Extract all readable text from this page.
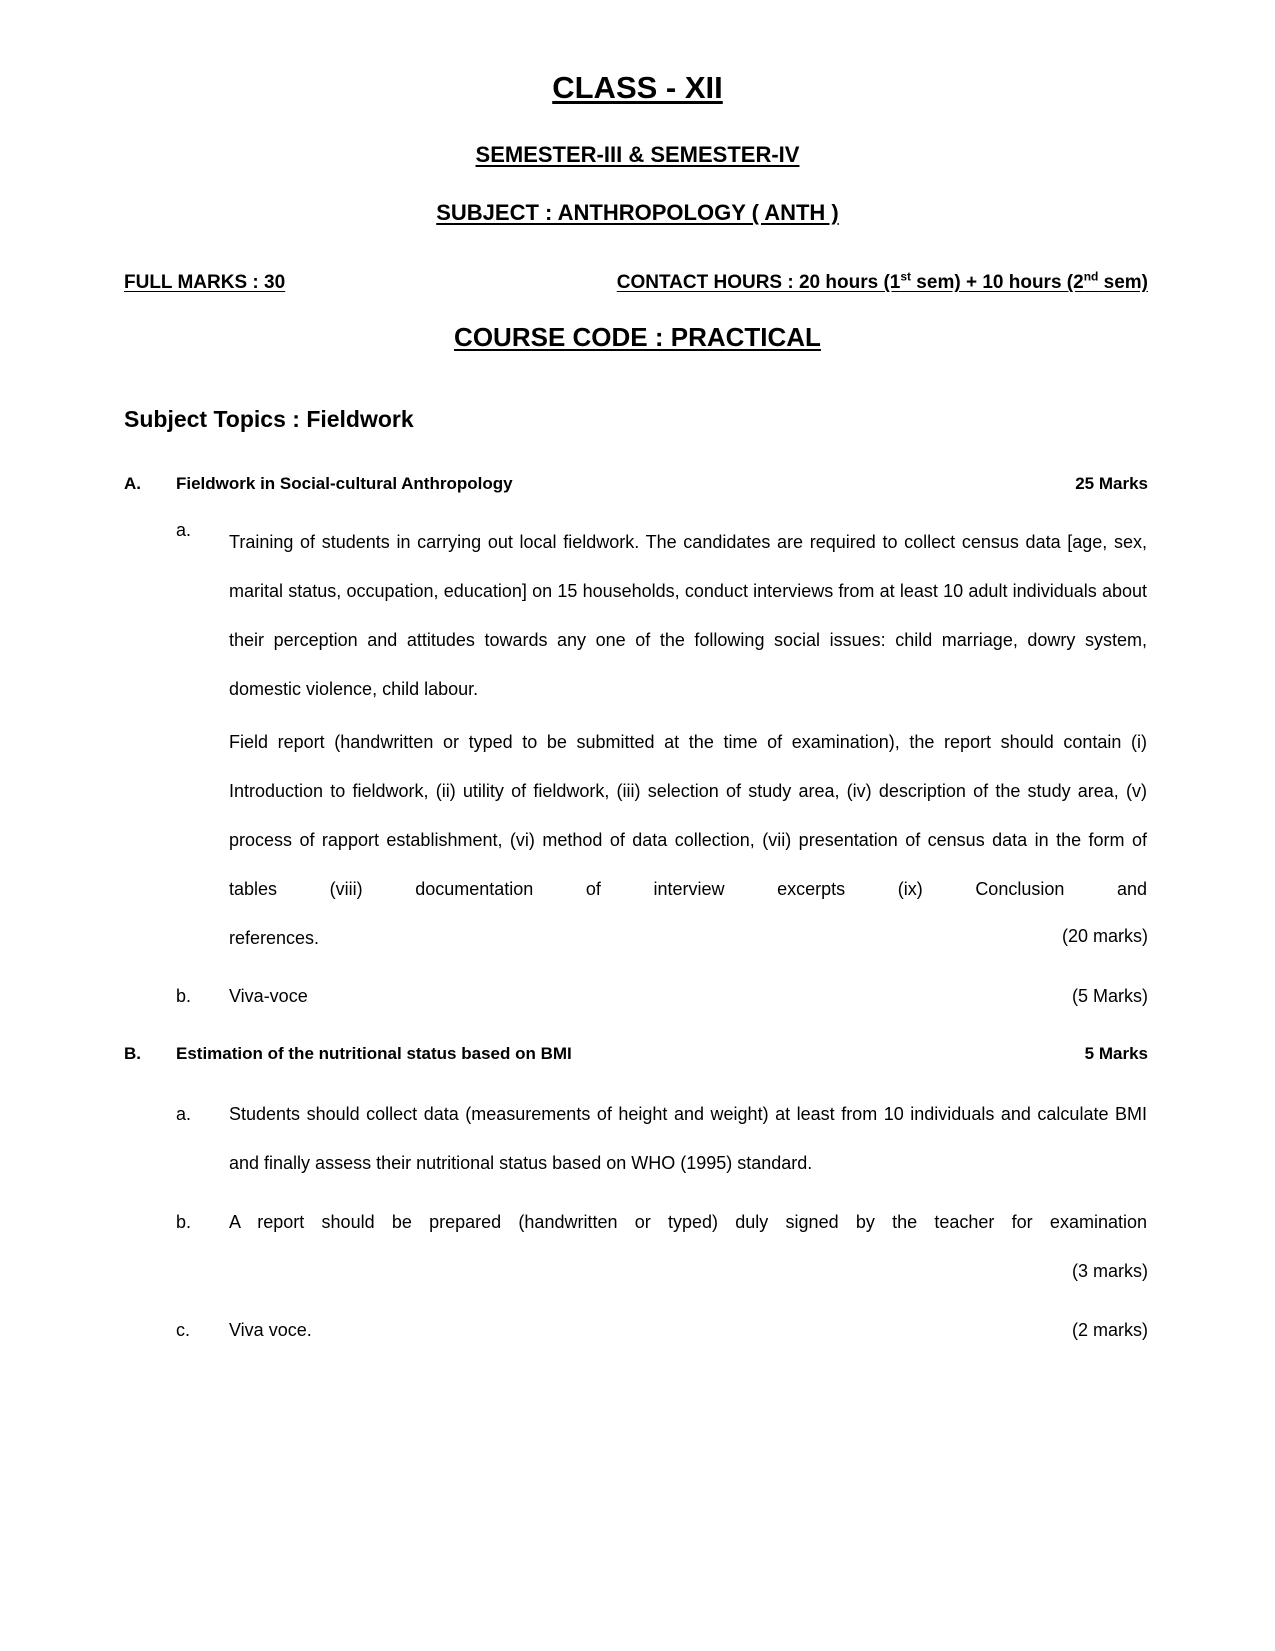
CLASS - XII
SEMESTER-III & SEMESTER-IV
SUBJECT : ANTHROPOLOGY ( ANTH )
FULL MARKS : 30	CONTACT HOURS : 20 hours (1st sem) + 10 hours (2nd sem)
COURSE CODE : PRACTICAL
Subject Topics : Fieldwork
A. Fieldwork in Social-cultural Anthropology	25 Marks
a.
Training of students in carrying out local fieldwork. The candidates are required to collect census data [age, sex, marital status, occupation, education] on 15 households, conduct interviews from at least 10 adult individuals about their perception and attitudes towards any one of the following social issues: child marriage, dowry system, domestic violence, child labour.
Field report (handwritten or typed to be submitted at the time of examination), the report should contain (i) Introduction to fieldwork, (ii) utility of fieldwork, (iii) selection of study area, (iv) description of the study area, (v) process of rapport establishment, (vi) method of data collection, (vii) presentation of census data in the form of tables (viii) documentation of interview excerpts (ix) Conclusion and
references.	(20 marks)
b. Viva-voce	(5 Marks)
B. Estimation of the nutritional status based on BMI	5 Marks
a. Students should collect data (measurements of height and weight) at least from 10 individuals and calculate BMI and finally assess their nutritional status based on WHO (1995) standard.
b. A report should be prepared (handwritten or typed) duly signed by the teacher for examination
(3 marks)
c. Viva voce.	(2 marks)
